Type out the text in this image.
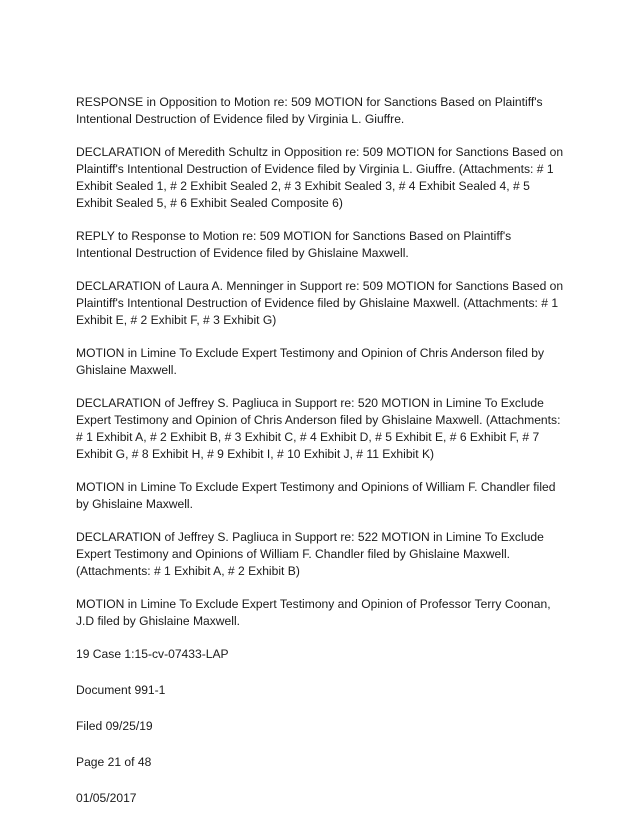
RESPONSE in Opposition to Motion re: 509 MOTION for Sanctions Based on Plaintiff's Intentional Destruction of Evidence filed by Virginia L. Giuffre.

DECLARATION of Meredith Schultz in Opposition re: 509 MOTION for Sanctions Based on Plaintiff's Intentional Destruction of Evidence filed by Virginia L. Giuffre. (Attachments: # 1 Exhibit Sealed 1, # 2 Exhibit Sealed 2, # 3 Exhibit Sealed 3, # 4 Exhibit Sealed 4, # 5 Exhibit Sealed 5, # 6 Exhibit Sealed Composite 6)

REPLY to Response to Motion re: 509 MOTION for Sanctions Based on Plaintiff's Intentional Destruction of Evidence filed by Ghislaine Maxwell.

DECLARATION of Laura A. Menninger in Support re: 509 MOTION for Sanctions Based on Plaintiff's Intentional Destruction of Evidence filed by Ghislaine Maxwell. (Attachments: # 1 Exhibit E, # 2 Exhibit F, # 3 Exhibit G)

MOTION in Limine To Exclude Expert Testimony and Opinion of Chris Anderson filed by Ghislaine Maxwell.

DECLARATION of Jeffrey S. Pagliuca in Support re: 520 MOTION in Limine To Exclude Expert Testimony and Opinion of Chris Anderson filed by Ghislaine Maxwell. (Attachments: # 1 Exhibit A, # 2 Exhibit B, # 3 Exhibit C, # 4 Exhibit D, # 5 Exhibit E, # 6 Exhibit F, # 7 Exhibit G, # 8 Exhibit H, # 9 Exhibit I, # 10 Exhibit J, # 11 Exhibit K)

MOTION in Limine To Exclude Expert Testimony and Opinions of William F. Chandler filed by Ghislaine Maxwell.

DECLARATION of Jeffrey S. Pagliuca in Support re: 522 MOTION in Limine To Exclude Expert Testimony and Opinions of William F. Chandler filed by Ghislaine Maxwell. (Attachments: # 1 Exhibit A, # 2 Exhibit B)

MOTION in Limine To Exclude Expert Testimony and Opinion of Professor Terry Coonan, J.D filed by Ghislaine Maxwell.

19 Case 1:15-cv-07433-LAP

Document 991-1

Filed 09/25/19

Page 21 of 48

01/05/2017
